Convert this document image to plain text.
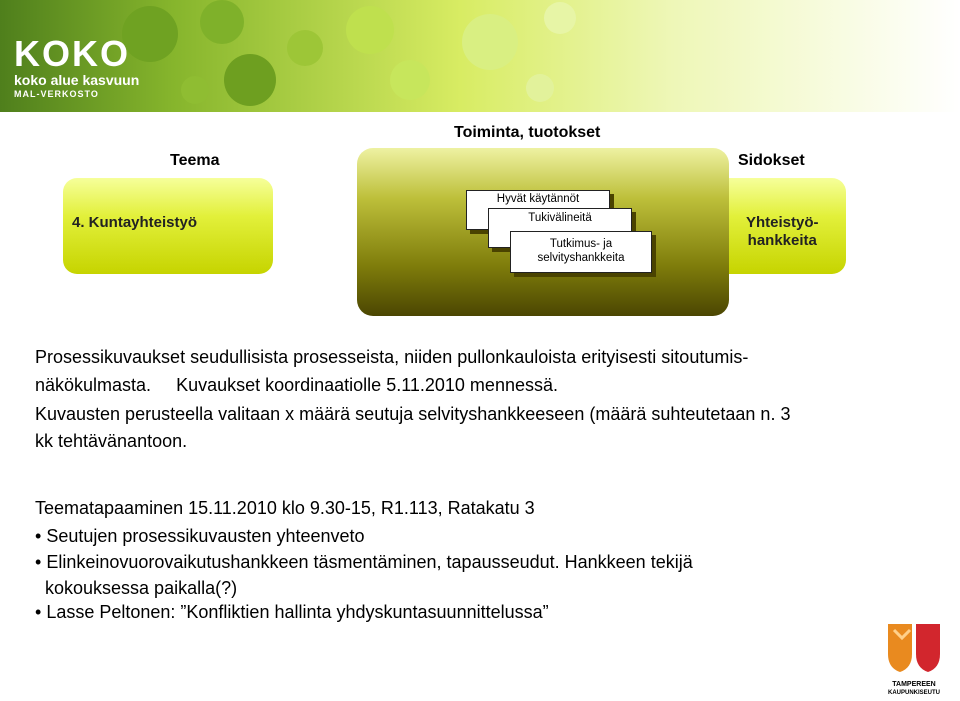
KOKO
koko alue kasvuun
MAL-VERKOSTO
Teema
Toiminta, tuotokset
Sidokset
4. Kuntayhteistyö
Hyvät käytännöt
Tukivälineitä
Tutkimus- ja
selvityshankkeita
Yhteistyö-
hankkeita
Prosessikuvaukset seudullisista prosesseista, niiden pullonkauloista erityisesti sitoutumis-
näkökulmasta.     Kuvaukset koordinaatiolle 5.11.2010 mennessä.
Kuvausten perusteella valitaan x määrä seutuja selvityshankkeeseen (määrä suhteutetaan n. 3
kk tehtävänantoon.
Teematapaaminen 15.11.2010 klo 9.30-15, R1.113, Ratakatu 3
• Seutujen prosessikuvausten yhteenveto
• Elinkeinovuorovaikutushankkeen täsmentäminen, tapausseudut. Hankkeen tekijä
kokouksessa paikalla(?)
• Lasse Peltonen: ”Konfliktien hallinta yhdyskuntasuunnittelussa”
TAMPEREEN
KAUPUNKISEUTU
